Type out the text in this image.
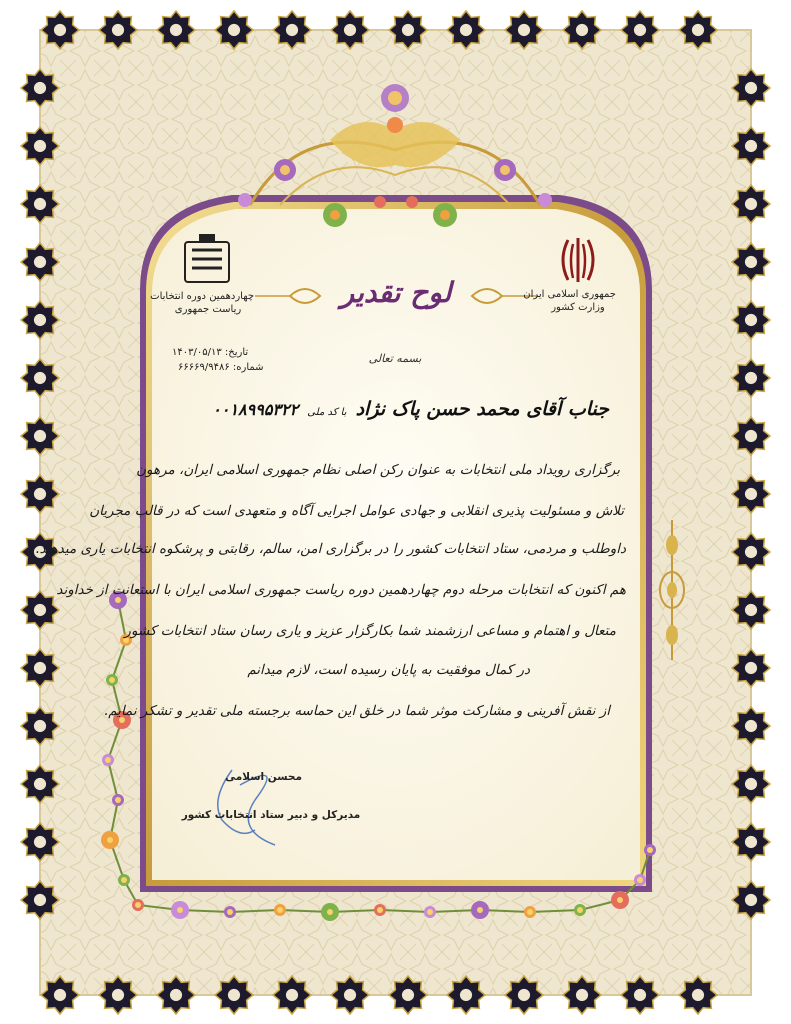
جمهوری اسلامی ایران
وزارت کشور
چهاردهمین دوره انتخابات
ریاست جمهوری
لوح تقدیر
تاریخ: ۱۴۰۳/۰۵/۱۳
شماره: ۶۶۶۶۹/۹۴۸۶
بسمه تعالی
جناب آقای محمد حسن پاک نژاد با کد ملی ۰۰۱۸۹۹۵۳۲۲
برگزاری رویداد ملی انتخابات به عنوان رکن اصلی نظام جمهوری اسلامی ایران، مرهون
تلاش و مسئولیت پذیری انقلابی و جهادی عوامل اجرایی آگاه و متعهدی است که در قالب مجریان
داوطلب و مردمی، ستاد انتخابات کشور را در برگزاری امن، سالم، رقابتی و پرشکوه انتخابات یاری میدهند.
هم اکنون که انتخابات مرحله دوم چهاردهمین دوره ریاست جمهوری اسلامی ایران با استعانت از خداوند
متعال و اهتمام و مساعی ارزشمند شما بکارگزار عزیز و یاری رسان ستاد انتخابات کشور
در کمال موفقیت به پایان رسیده است، لازم میدانم
از نقش آفرینی و مشارکت موثر شما در خلق این حماسه برجسته ملی تقدیر و تشکر نمایم.
محسن اسلامی
مدیرکل و دبیر ستاد انتخابات کشور
